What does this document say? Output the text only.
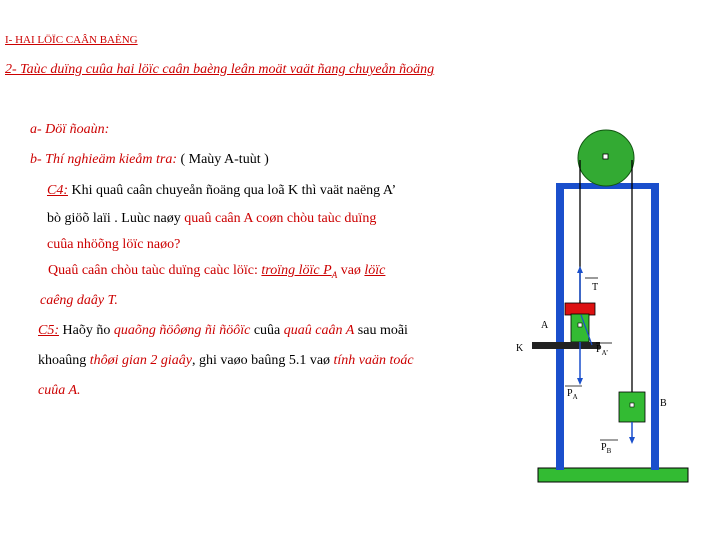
I- HAI LÖÏC CAÂN BAÈNG
2- Taùc duïng cuûa hai löïc caân baèng leân moät vaät ñang chuyeån ñoäng
a- Döï ñoaùn:
b- Thí nghieäm kieåm tra: ( Maùy A-tuùt )
C4: Khi quaû caân chuyeån ñoäng qua loã K thì vaät naëng A’
bò giöõ laïi . Luùc naøy quaû caân A coøn chòu taùc duïng
cuûa nhöõng löïc naøo?
Quaû caân chòu taùc duïng caùc löïc: troïng löïc $P_A$ vaø löïc
caêng daây T.
C5: Haõy ño quaõng ñöôøng ñi ñöôïc cuûa quaû caân A sau moãi
khoaûng thôøi gian 2 giaây, ghi vaøo baûng 5.1 vaø tính vaän toác
cuûa A.
T
A
K	$P_{A’}$
$P_A$
B
$P_B$
